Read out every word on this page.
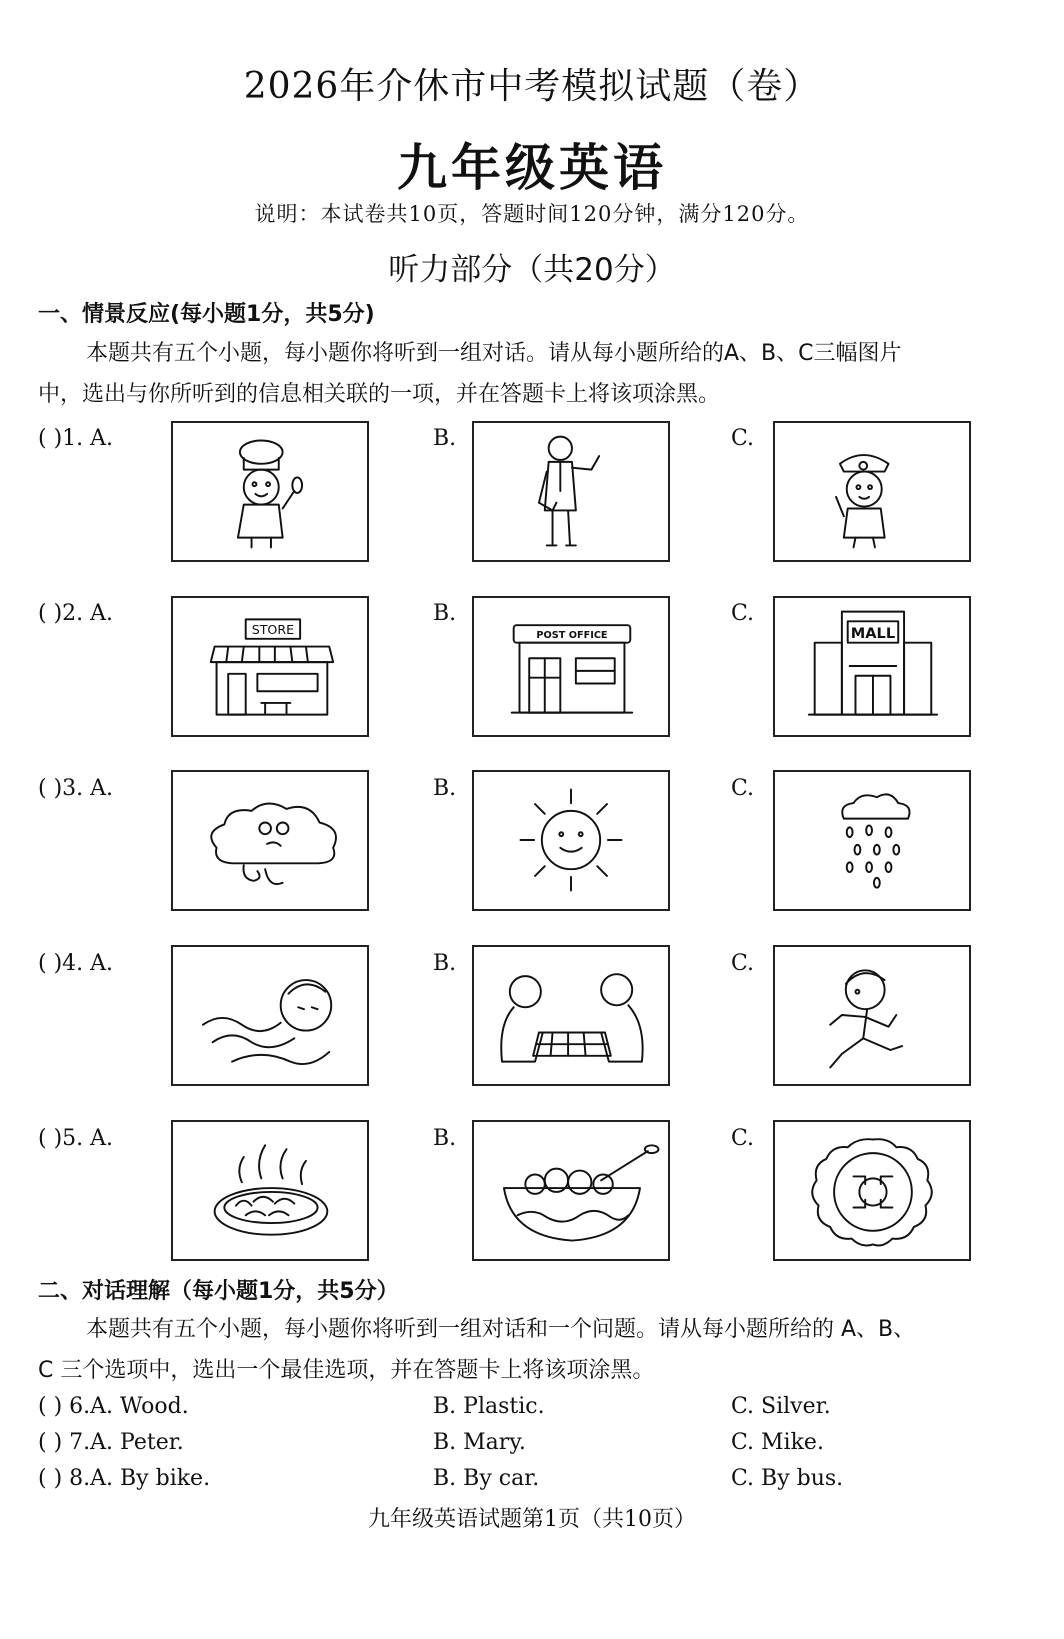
2026年介休市中考模拟试题（卷）
九年级英语
说明：本试卷共10页，答题时间120分钟，满分120分。
听力部分（共20分）
一、情景反应(每小题1分，共5分)
本题共有五个小题，每小题你将听到一组对话。请从每小题所给的A、B、C三幅图片
中，选出与你所听到的信息相关联的一项，并在答题卡上将该项涂黑。
( )1. A.	B.	C.
( )2. A.	B.	C.
STORE	POST OFFICE	MALL
( )3. A.	B.	C.
( )4. A.	B.	C.
( )5. A.	B.	C.
二、对话理解（每小题1分，共5分）
本题共有五个小题，每小题你将听到一组对话和一个问题。请从每小题所给的 A、B、
C 三个选项中，选出一个最佳选项，并在答题卡上将该项涂黑。
( ) 6.A. Wood.	B. Plastic.	C. Silver.
( ) 7.A. Peter.	B. Mary.	C. Mike.
( ) 8.A. By bike.	B. By car.	C. By bus.
九年级英语试题第1页（共10页）
